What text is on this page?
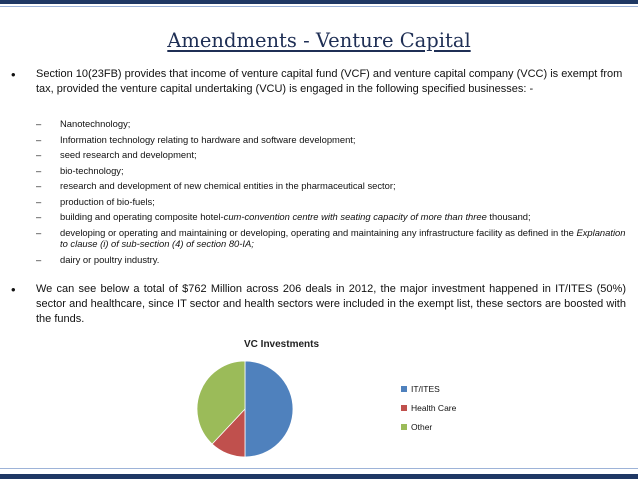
Amendments - Venture Capital
• Section 10(23FB) provides that income of venture capital fund (VCF) and venture capital company (VCC) is exempt from tax, provided the venture capital undertaking (VCU) is engaged in the following specified businesses: -
– Nanotechnology;
– Information technology relating to hardware and software development;
– seed research and development;
– bio-technology;
– research and development of new chemical entities in the pharmaceutical sector;
– production of bio-fuels;
– building and operating composite hotel-cum-convention centre with seating capacity of more than three thousand;
– developing or operating and maintaining or developing, operating and maintaining any infrastructure facility as defined in the Explanation to clause (i) of sub-section (4) of section 80-IA;
– dairy or poultry industry.
• We can see below a total of $762 Million across 206 deals in 2012, the major investment happened in IT/ITES (50%) sector and healthcare, since IT sector and health sectors were included in the exempt list, these sectors are boosted with the funds.
VC Investments
IT/ITES
Health Care
Other
